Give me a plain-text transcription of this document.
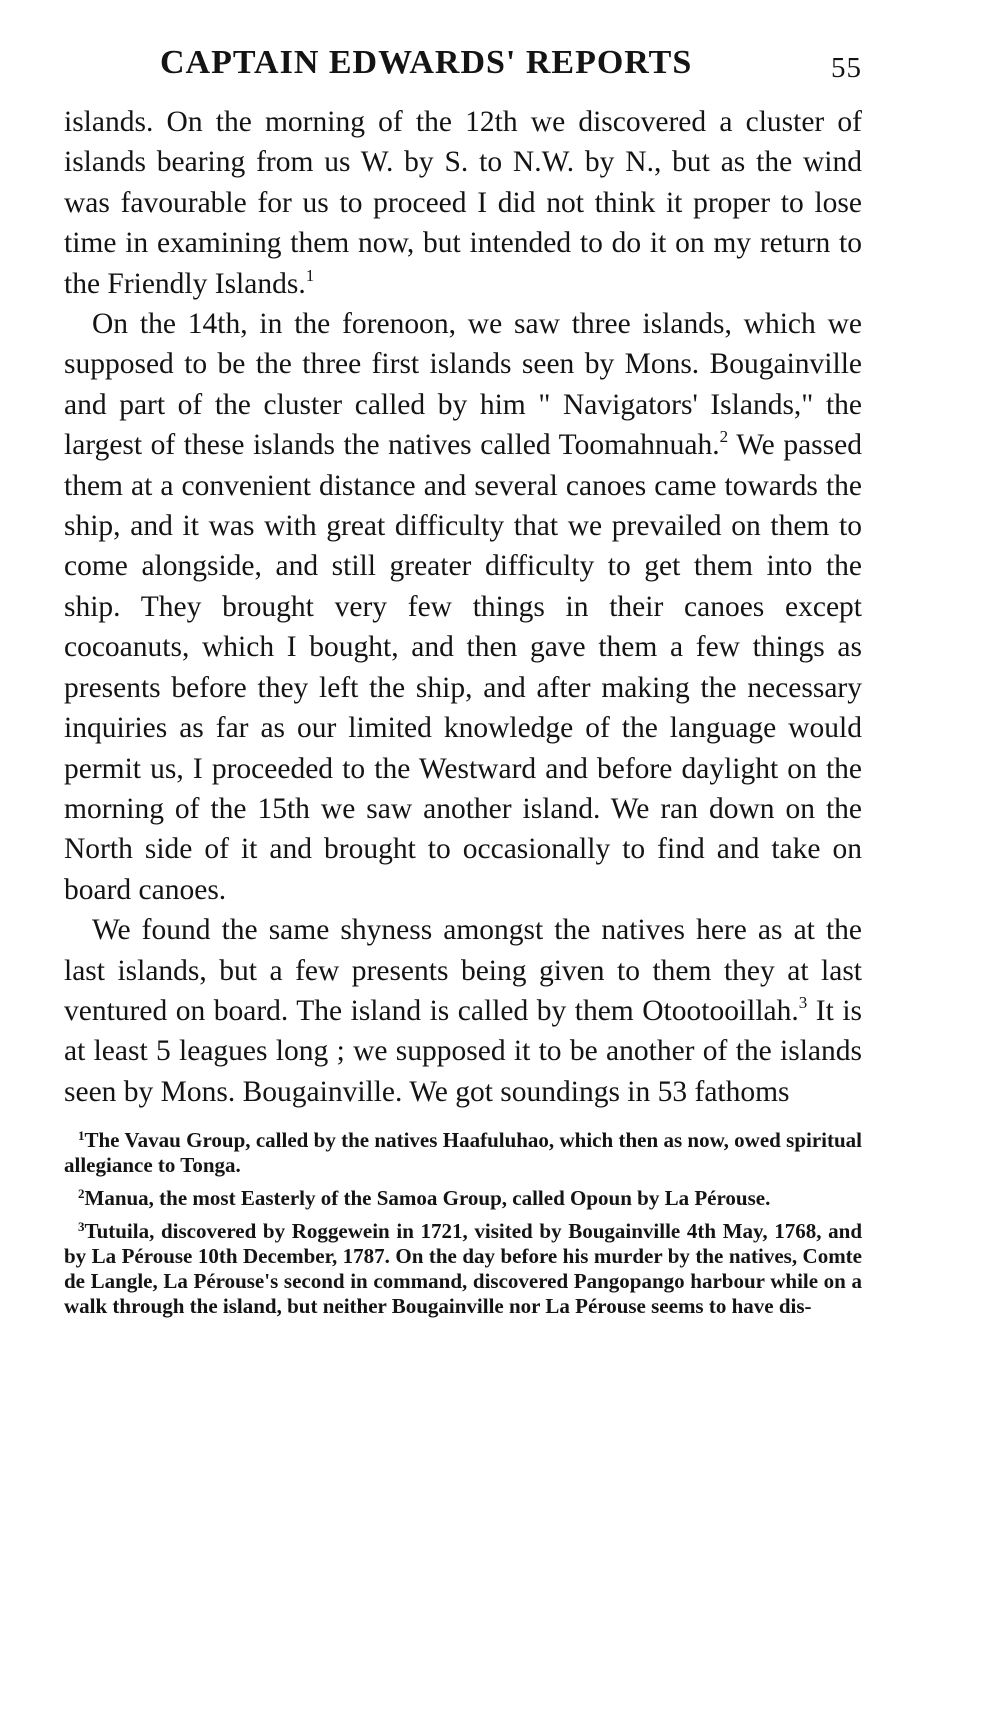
CAPTAIN EDWARDS' REPORTS	55

islands. On the morning of the 12th we discovered a cluster of islands bearing from us W. by S. to N.W. by N., but as the wind was favourable for us to proceed I did not think it proper to lose time in examining them now, but intended to do it on my return to the Friendly Islands.$^1$

On the 14th, in the forenoon, we saw three islands, which we supposed to be the three first islands seen by Mons. Bougainville and part of the cluster called by him " Navigators' Islands," the largest of these islands the natives called Toomahnuah.$^2$ We passed them at a convenient distance and several canoes came towards the ship, and it was with great difficulty that we prevailed on them to come alongside, and still greater difficulty to get them into the ship. They brought very few things in their canoes except cocoanuts, which I bought, and then gave them a few things as presents before they left the ship, and after making the necessary inquiries as far as our limited knowledge of the language would permit us, I proceeded to the Westward and before daylight on the morning of the 15th we saw another island. We ran down on the North side of it and brought to occasionally to find and take on board canoes.

We found the same shyness amongst the natives here as at the last islands, but a few presents being given to them they at last ventured on board. The island is called by them Otootooillah.$^3$ It is at least 5 leagues long ; we supposed it to be another of the islands seen by Mons. Bougainville. We got soundings in 53 fathoms

$^1$The Vavau Group, called by the natives Haafuluhao, which then as now, owed spiritual allegiance to Tonga.

$^2$Manua, the most Easterly of the Samoa Group, called Opoun by La Pérouse.

$^3$Tutuila, discovered by Roggewein in 1721, visited by Bougainville 4th May, 1768, and by La Pérouse 10th December, 1787. On the day before his murder by the natives, Comte de Langle, La Pérouse's second in command, discovered Pangopango harbour while on a walk through the island, but neither Bougainville nor La Pérouse seems to have dis-
